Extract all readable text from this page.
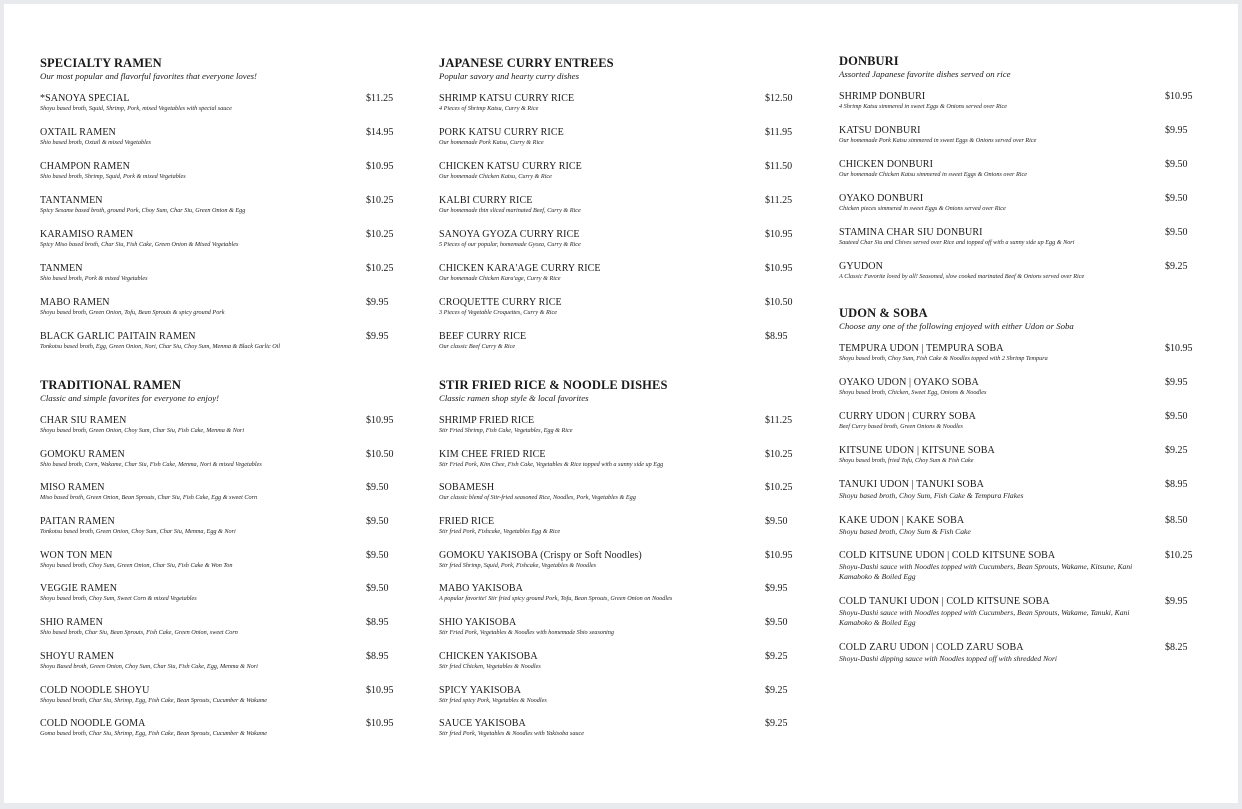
SPECIALTY RAMEN
Our most popular and flavorful favorites that everyone loves!
*SANOYA SPECIAL
Shoyu based broth, Squid, Shrimp, Pork, mixed Vegetables with special sauce
$11.25
OXTAIL RAMEN
Shio based broth, Oxtail & mixed Vegetables
$14.95
CHAMPON RAMEN
Shio based broth, Shrimp, Squid, Pork & mixed Vegetables
$10.95
TANTANMEN
Spicy Sesame based broth, ground Pork, Choy Sum, Char Siu, Green Onion & Egg
$10.25
KARAMISO RAMEN
Spicy Miso based broth, Char Siu, Fish Cake, Green Onion & Mixed Vegetables
$10.25
TANMEN
Shio based broth, Pork & mixed Vegetables
$10.25
MABO RAMEN
Shoyu based broth, Green Onion, Tofu, Bean Sprouts & spicy ground Pork
$9.95
BLACK GARLIC PAITAIN RAMEN
Tonkotsu based broth, Egg, Green Onion, Nori, Char Siu, Choy Sum, Menma & Black Garlic Oil
$9.95
TRADITIONAL RAMEN
Classic and simple favorites for everyone to enjoy!
CHAR SIU RAMEN
Shoyu based broth, Green Onion, Choy Sum, Char Siu, Fish Cake, Menma & Nori
$10.95
GOMOKU RAMEN
Shio based broth, Corn, Wakame, Char Siu, Fish Cake, Menma, Nori & mixed Vegetables
$10.50
MISO RAMEN
Miso based broth, Green Onion, Bean Sprouts, Char Siu, Fish Cake, Egg & sweet Corn
$9.50
PAITAN RAMEN
Tonkotsu based broth, Green Onion, Choy Sum, Char Siu, Menma, Egg & Nori
$9.50
WON TON MEN
Shoyu based broth, Choy Sum, Green Onion, Char Siu, Fish Cake & Won Ton
$9.50
VEGGIE RAMEN
Shoyu based broth, Choy Sum, Sweet Corn & mixed Vegetables
$9.50
SHIO RAMEN
Shio based broth, Char Siu, Bean Sprouts, Fish Cake, Green Onion, sweet Corn
$8.95
SHOYU RAMEN
Shoyu Based broth, Green Onion, Choy Sum, Char Siu, Fish Cake, Egg, Menma & Nori
$8.95
COLD NOODLE SHOYU
Shoyu based broth, Char Siu, Shrimp, Egg, Fish Cake, Bean Sprouts, Cucumber & Wakame
$10.95
COLD NOODLE GOMA
Goma based broth, Char Siu, Shrimp, Egg, Fish Cake, Bean Sprouts, Cucumber & Wakame
$10.95
JAPANESE CURRY ENTREES
Popular savory and hearty curry dishes
SHRIMP KATSU CURRY RICE
4 Pieces of Shrimp Katsu, Curry & Rice
$12.50
PORK KATSU CURRY RICE
Our homemade Pork Katsu, Curry & Rice
$11.95
CHICKEN KATSU CURRY RICE
Our homemade Chicken Katsu, Curry & Rice
$11.50
KALBI CURRY RICE
Our homemade thin sliced marinated Beef, Curry & Rice
$11.25
SANOYA GYOZA CURRY RICE
5 Pieces of our popular, homemade Gyoza, Curry & Rice
$10.95
CHICKEN KARA'AGE CURRY RICE
Our homemade Chicken Kara'age, Curry & Rice
$10.95
CROQUETTE CURRY RICE
3 Pieces of Vegetable Croquettes, Curry & Rice
$10.50
BEEF CURRY RICE
Our classic Beef Curry & Rice
$8.95
STIR FRIED RICE & NOODLE DISHES
Classic ramen shop style & local favorites
SHRIMP FRIED RICE
Stir Fried Shrimp, Fish Cake, Vegetables, Egg & Rice
$11.25
KIM CHEE FRIED RICE
Stir Fried Pork, Kim Chee, Fish Cake, Vegetables & Rice topped with a sunny side up Egg
$10.25
SOBAMESH
Our classic blend of Stir-fried seasoned Rice, Noodles, Pork, Vegetables & Egg
$10.25
FRIED RICE
Stir fried Pork, Fishcake, Vegetables Egg & Rice
$9.50
GOMOKU YAKISOBA (Crispy or Soft Noodles)
Stir fried Shrimp, Squid, Pork, Fishcake, Vegetables & Noodles
$10.95
MABO YAKISOBA
A popular favorite! Stir fried spicy ground Pork, Tofu, Bean Sprouts, Green Onion on Noodles
$9.95
SHIO YAKISOBA
Stir Fried Pork, Vegetables & Noodles with homemade Shio seasoning
$9.50
CHICKEN YAKISOBA
Stir fried Chicken, Vegetables & Noodles
$9.25
SPICY YAKISOBA
Stir fried spicy Pork, Vegetables & Noodles
$9.25
SAUCE YAKISOBA
Stir fried Pork, Vegetables & Noodles with Yakisoba sauce
$9.25
DONBURI
Assorted Japanese favorite dishes served on rice
SHRIMP DONBURI
4 Shrimp Katsu simmered in sweet Eggs & Onions served over Rice
$10.95
KATSU DONBURI
Our homemade Pork Katsu simmered in sweet Eggs & Onions served over Rice
$9.95
CHICKEN DONBURI
Our homemade Chicken Katsu simmered in sweet Eggs & Onions over Rice
$9.50
OYAKO DONBURI
Chicken pieces simmered in sweet Eggs & Onions served over Rice
$9.50
STAMINA CHAR SIU DONBURI
Sauteed Char Siu and Chives served over Rice and topped off with a sunny side up Egg & Nori
$9.50
GYUDON
A Classic Favorite loved by all! Seasoned, slow cooked marinated Beef & Onions served over Rice
$9.25
UDON & SOBA
Choose any one of the following enjoyed with either Udon or Soba
TEMPURA UDON | TEMPURA SOBA
Shoyu based broth, Choy Sum, Fish Cake & Noodles topped with 2 Shrimp Tempura
$10.95
OYAKO UDON | OYAKO SOBA
Shoyu based broth, Chicken, Sweet Egg, Onions & Noodles
$9.95
CURRY UDON | CURRY SOBA
Beef Curry based broth, Green Onions & Noodles
$9.50
KITSUNE UDON | KITSUNE SOBA
Shoyu based broth, fried Tofu, Choy Sum & Fish Cake
$9.25
TANUKI UDON | TANUKI SOBA
Shoyu based broth, Choy Sum, Fish Cake & Tempura Flakes
$8.95
KAKE UDON | KAKE SOBA
Shoyu based broth, Choy Sum & Fish Cake
$8.50
COLD KITSUNE UDON | COLD KITSUNE SOBA
Shoyu-Dashi sauce with Noodles topped with Cucumbers, Bean Sprouts, Wakame, Kitsune, Kani Kamaboko & Boiled Egg
$10.25
COLD TANUKI UDON | COLD KITSUNE SOBA
Shoyu-Dashi sauce with Noodles topped with Cucumbers, Bean Sprouts, Wakame, Tanuki, Kani Kamaboko & Boiled Egg
$9.95
COLD ZARU UDON | COLD ZARU SOBA
Shoyu-Dashi dipping sauce with Noodles topped off with shredded Nori
$8.25
